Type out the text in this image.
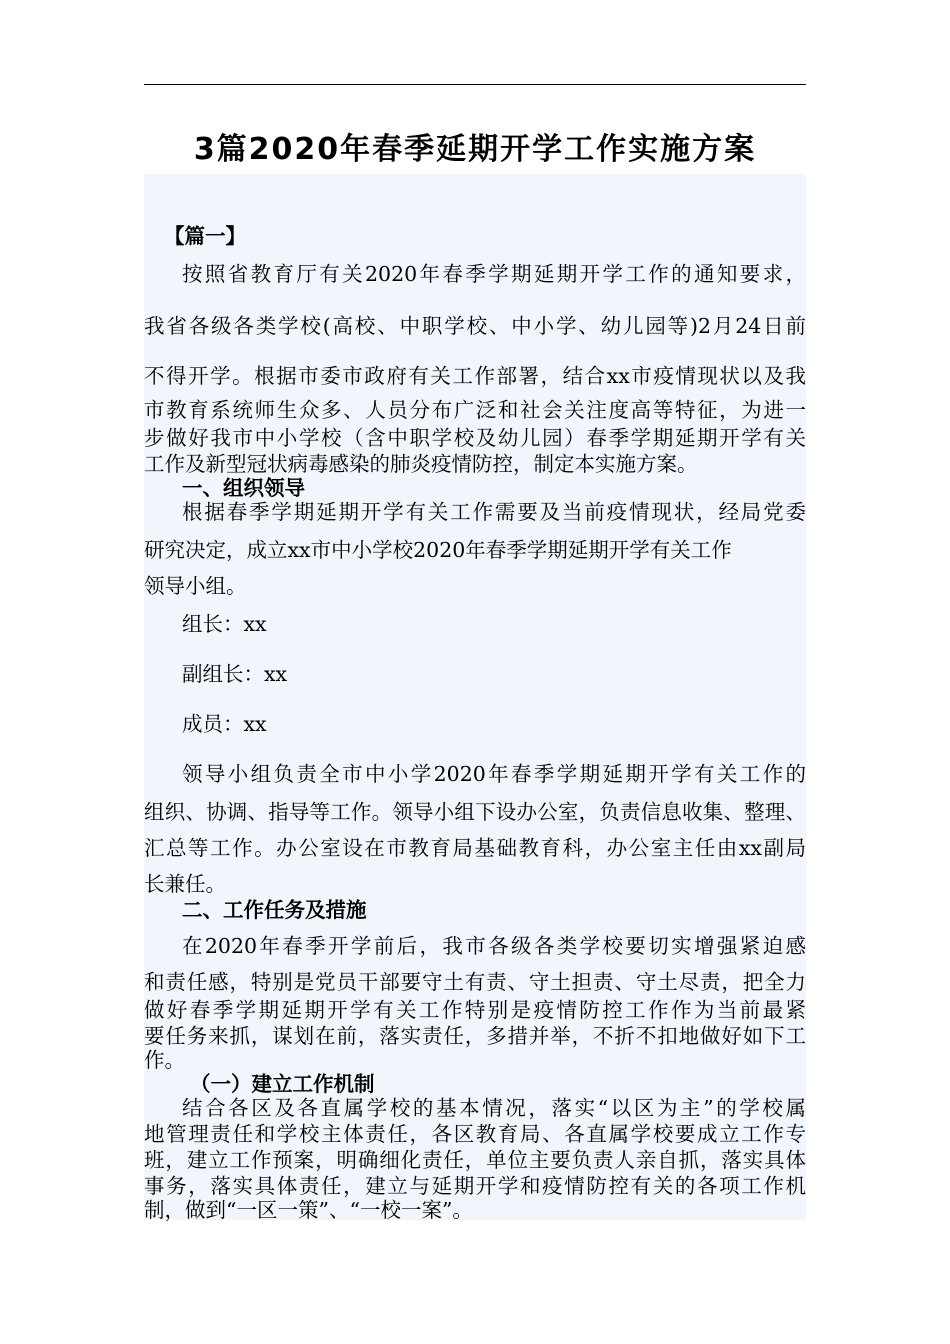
3篇2020年春季延期开学工作实施方案
【篇一】
按照省教育厅有关2020年春季学期延期开学工作的通知要求，
我省各级各类学校(高校、中职学校、中小学、幼儿园等)2月24日前
不得开学。根据市委市政府有关工作部署，结合xx市疫情现状以及我
市教育系统师生众多、人员分布广泛和社会关注度高等特征，为进一
步做好我市中小学校（含中职学校及幼儿园）春季学期延期开学有关
工作及新型冠状病毒感染的肺炎疫情防控，制定本实施方案。
一、组织领导
根据春季学期延期开学有关工作需要及当前疫情现状，经局党委
研究决定，成立xx市中小学校2020年春季学期延期开学有关工作
领导小组。
组长：xx
副组长：xx
成员：xx
领导小组负责全市中小学2020年春季学期延期开学有关工作的
组织、协调、指导等工作。领导小组下设办公室，负责信息收集、整理、
汇总等工作。办公室设在市教育局基础教育科，办公室主任由xx副局
长兼任。
二、工作任务及措施
在2020年春季开学前后，我市各级各类学校要切实增强紧迫感
和责任感，特别是党员干部要守土有责、守土担责、守土尽责，把全力
做好春季学期延期开学有关工作特别是疫情防控工作作为当前最紧
要任务来抓，谋划在前，落实责任，多措并举，不折不扣地做好如下工
作。
（一）建立工作机制
结合各区及各直属学校的基本情况，落实“以区为主”的学校属
地管理责任和学校主体责任，各区教育局、各直属学校要成立工作专
班，建立工作预案，明确细化责任，单位主要负责人亲自抓，落实具体
事务，落实具体责任，建立与延期开学和疫情防控有关的各项工作机
制，做到“一区一策”、“一校一案”。
